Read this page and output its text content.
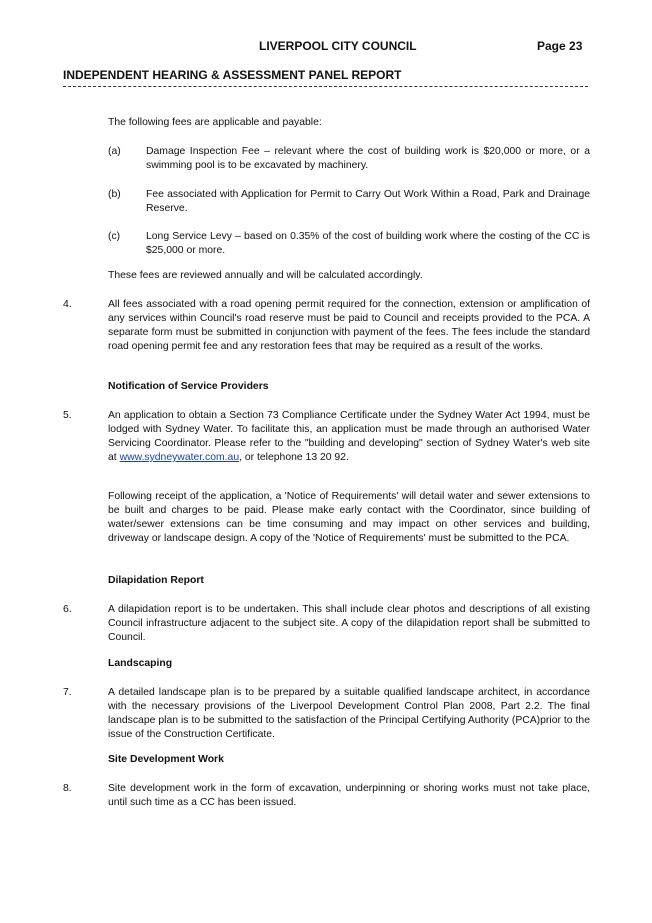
LIVERPOOL CITY COUNCIL	Page 23
INDEPENDENT HEARING & ASSESSMENT PANEL REPORT
The following fees are applicable and payable:
(a) Damage Inspection Fee – relevant where the cost of building work is $20,000 or more, or a swimming pool is to be excavated by machinery.
(b) Fee associated with Application for Permit to Carry Out Work Within a Road, Park and Drainage Reserve.
(c) Long Service Levy – based on 0.35% of the cost of building work where the costing of the CC is $25,000 or more.
These fees are reviewed annually and will be calculated accordingly.
4.	All fees associated with a road opening permit required for the connection, extension or amplification of any services within Council's road reserve must be paid to Council and receipts provided to the PCA. A separate form must be submitted in conjunction with payment of the fees. The fees include the standard road opening permit fee and any restoration fees that may be required as a result of the works.
Notification of Service Providers
5.	An application to obtain a Section 73 Compliance Certificate under the Sydney Water Act 1994, must be lodged with Sydney Water. To facilitate this, an application must be made through an authorised Water Servicing Coordinator. Please refer to the "building and developing" section of Sydney Water's web site at www.sydneywater.com.au, or telephone 13 20 92.
Following receipt of the application, a 'Notice of Requirements' will detail water and sewer extensions to be built and charges to be paid. Please make early contact with the Coordinator, since building of water/sewer extensions can be time consuming and may impact on other services and building, driveway or landscape design. A copy of the 'Notice of Requirements' must be submitted to the PCA.
Dilapidation Report
6.	A dilapidation report is to be undertaken. This shall include clear photos and descriptions of all existing Council infrastructure adjacent to the subject site. A copy of the dilapidation report shall be submitted to Council.
Landscaping
7.	A detailed landscape plan is to be prepared by a suitable qualified landscape architect, in accordance with the necessary provisions of the Liverpool Development Control Plan 2008, Part 2.2. The final landscape plan is to be submitted to the satisfaction of the Principal Certifying Authority (PCA)prior to the issue of the Construction Certificate.
Site Development Work
8.	Site development work in the form of excavation, underpinning or shoring works must not take place, until such time as a CC has been issued.
